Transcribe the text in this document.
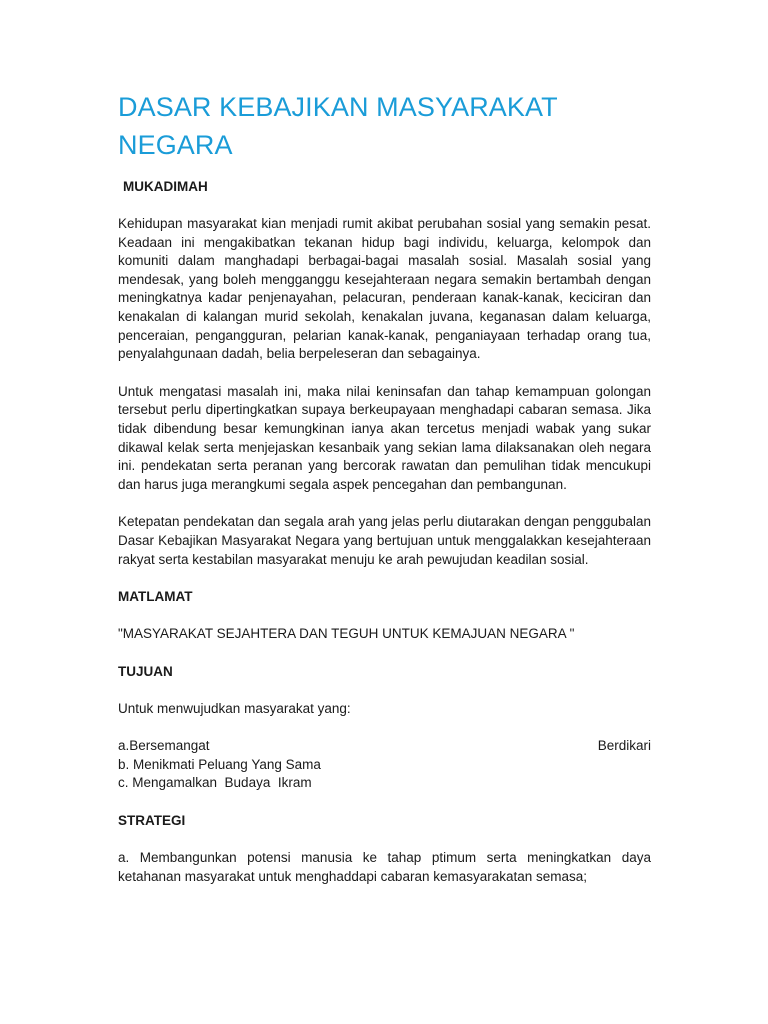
DASAR KEBAJIKAN MASYARAKAT
NEGARA
MUKADIMAH

Kehidupan masyarakat kian menjadi rumit akibat perubahan sosial yang semakin pesat. Keadaan ini mengakibatkan tekanan hidup bagi individu, keluarga, kelompok dan komuniti dalam manghadapi berbagai-bagai masalah sosial. Masalah sosial yang mendesak, yang boleh mengganggu kesejahteraan negara semakin bertambah dengan meningkatnya kadar penjenayahan, pelacuran, penderaan kanak-kanak, keciciran dan kenakalan di kalangan murid sekolah, kenakalan juvana, keganasan dalam keluarga, penceraian, pengangguran, pelarian kanak-kanak, penganiayaan terhadap orang tua, penyalahgunaan dadah, belia berpeleseran dan sebagainya.

Untuk mengatasi masalah ini, maka nilai keninsafan dan tahap kemampuan golongan tersebut perlu dipertingkatkan supaya berkeupayaan menghadapi cabaran semasa. Jika tidak dibendung besar kemungkinan ianya akan tercetus menjadi wabak yang sukar dikawal kelak serta menjejaskan kesanbaik yang sekian lama dilaksanakan oleh negara ini. pendekatan serta peranan yang bercorak rawatan dan pemulihan tidak mencukupi dan harus juga merangkumi segala aspek pencegahan dan pembangunan.

Ketepatan pendekatan dan segala arah yang jelas perlu diutarakan dengan penggubalan Dasar Kebajikan Masyarakat Negara yang bertujuan untuk menggalakkan kesejahteraan rakyat serta kestabilan masyarakat menuju ke arah pewujudan keadilan sosial.

MATLAMAT

"MASYARAKAT SEJAHTERA DAN TEGUH UNTUK KEMAJUAN NEGARA "

TUJUAN

Untuk menwujudkan masyarakat yang:

a.Bersemangat	Berdikari
b. Menikmati Peluang Yang Sama
c. Mengamalkan  Budaya  Ikram
STRATEGI

a. Membangunkan potensi manusia ke tahap ptimum serta meningkatkan daya ketahanan masyarakat untuk menghaddapi cabaran kemasyarakatan semasa;
